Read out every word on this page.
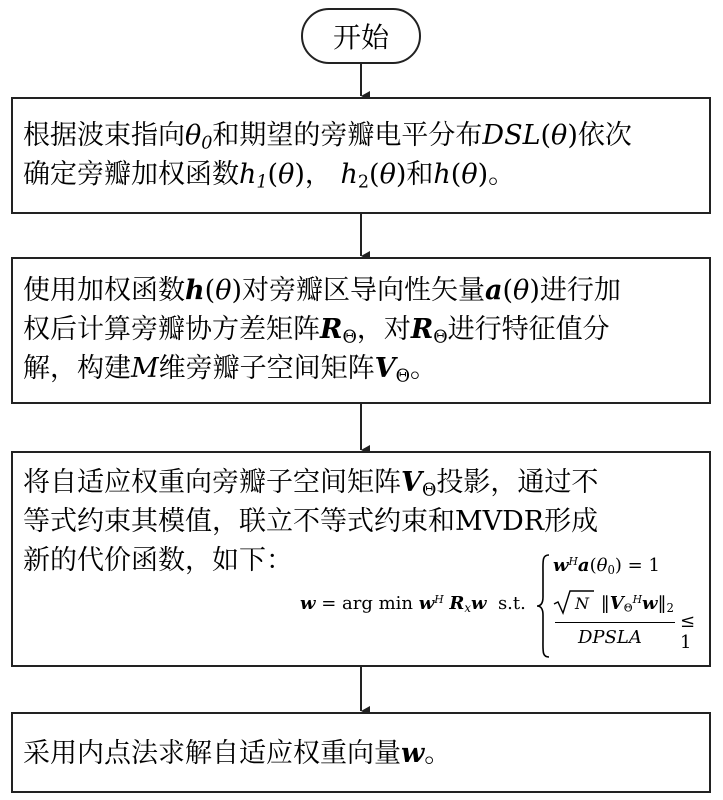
开始
根据波束指向$\theta_0$和期望的旁瓣电平分布DSL(θ)依次
确定旁瓣加权函数$h_1(\theta)$， $h_2(\theta)$和h(θ)。
使用加权函数h(θ)对旁瓣区导向性矢量a(θ)进行加
权后计算旁瓣协方差矩阵$R_\Theta$，对$R_\Theta$进行特征值分
解，构建M维旁瓣子空间矩阵$V_\Theta$。
将自适应权重向旁瓣子空间矩阵$V_\Theta$投影，通过不
等式约束其模值，联立不等式约束和MVDR形成
新的代价函数，如下：
w = arg $\min w^H$ $R_xw$ s.t.
$w^Ha(\theta_0) = 1$
N $‖V_\Theta^Hw‖_2$
DPSLA
≤ 1
采用内点法求解自适应权重向量w。
